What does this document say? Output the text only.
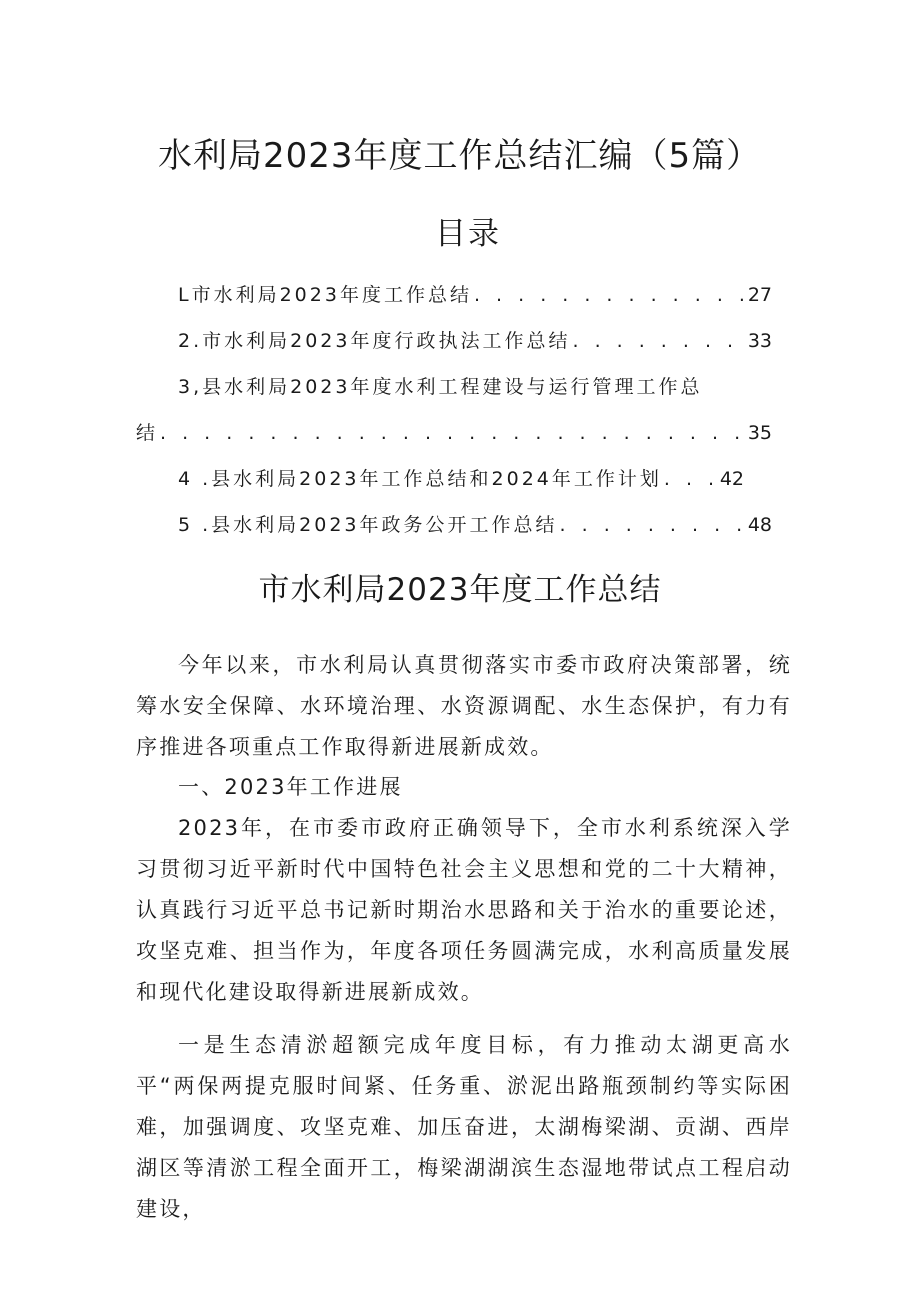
水利局2023年度工作总结汇编（5篇）
目录
L市水利局2023年度工作总结 . . .	27
2.市水利局2023年度行政执法工作总结 . . .	33
3,县水利局2023年度水利工程建设与运行管理工作总
结 . . .	35
4 .县水利局2023年工作总结和2024年工作计划 . . .	42
5 .县水利局2023年政务公开工作总结 . . .	48
市水利局2023年度工作总结

今年以来，市水利局认真贯彻落实市委市政府决策部署，统筹水安全保障、水环境治理、水资源调配、水生态保护，有力有序推进各项重点工作取得新进展新成效。

一、2023年工作进展

2023年，在市委市政府正确领导下，全市水利系统深入学习贯彻习近平新时代中国特色社会主义思想和党的二十大精神，认真践行习近平总书记新时期治水思路和关于治水的重要论述，攻坚克难、担当作为，年度各项任务圆满完成，水利高质量发展和现代化建设取得新进展新成效。

一是生态清淤超额完成年度目标，有力推动太湖更高水平“两保两提克服时间紧、任务重、淤泥出路瓶颈制约等实际困难，加强调度、攻坚克难、加压奋进，太湖梅梁湖、贡湖、西岸湖区等清淤工程全面开工，梅梁湖湖滨生态湿地带试点工程启动建设，
